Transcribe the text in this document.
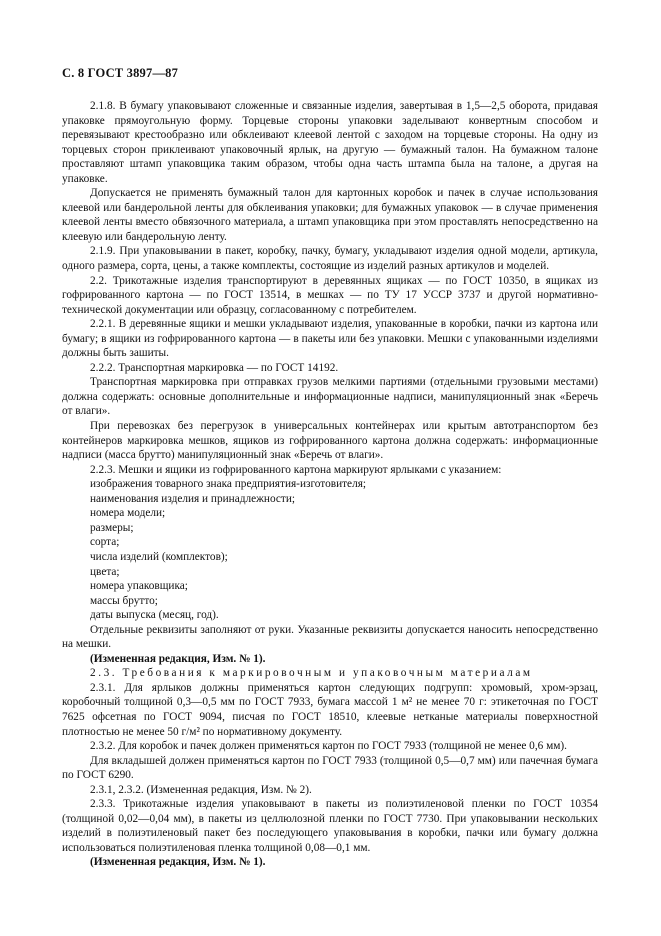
С. 8 ГОСТ 3897—87

2.1.8. В бумагу упаковывают сложенные и связанные изделия, завертывая в 1,5—2,5 оборота, придавая упаковке прямоугольную форму. Торцевые стороны упаковки заделывают конвертным способом и перевязывают крестообразно или обклеивают клеевой лентой с заходом на торцевые стороны. На одну из торцевых сторон приклеивают упаковочный ярлык, на другую — бумажный талон. На бумажном талоне проставляют штамп упаковщика таким образом, чтобы одна часть штампа была на талоне, а другая на упаковке.

Допускается не применять бумажный талон для картонных коробок и пачек в случае использования клеевой или бандерольной ленты для обклеивания упаковки; для бумажных упаковок — в случае применения клеевой ленты вместо обвязочного материала, а штамп упаковщика при этом проставлять непосредственно на клеевую или бандерольную ленту.

2.1.9. При упаковывании в пакет, коробку, пачку, бумагу, укладывают изделия одной модели, артикула, одного размера, сорта, цены, а также комплекты, состоящие из изделий разных артикулов и моделей.

2.2. Трикотажные изделия транспортируют в деревянных ящиках — по ГОСТ 10350, в ящиках из гофрированного картона — по ГОСТ 13514, в мешках — по ТУ 17 УССР 3737 и другой нормативно-технической документации или образцу, согласованному с потребителем.

2.2.1. В деревянные ящики и мешки укладывают изделия, упакованные в коробки, пачки из картона или бумагу; в ящики из гофрированного картона — в пакеты или без упаковки. Мешки с упакованными изделиями должны быть зашиты.

2.2.2. Транспортная маркировка — по ГОСТ 14192.

Транспортная маркировка при отправках грузов мелкими партиями (отдельными грузовыми местами) должна содержать: основные дополнительные и информационные надписи, манипуляционный знак «Беречь от влаги».

При перевозках без перегрузок в универсальных контейнерах или крытым автотранспортом без контейнеров маркировка мешков, ящиков из гофрированного картона должна содержать: информационные надписи (масса брутто) манипуляционный знак «Беречь от влаги».

2.2.3. Мешки и ящики из гофрированного картона маркируют ярлыками с указанием:

изображения товарного знака предприятия-изготовителя;

наименования изделия и принадлежности;

номера модели;

размеры;

сорта;

числа изделий (комплектов);

цвета;

номера упаковщика;

массы брутто;

даты выпуска (месяц, год).

Отдельные реквизиты заполняют от руки. Указанные реквизиты допускается наносить непосредственно на мешки.

(Измененная редакция, Изм. № 1).

2.3. Требования к маркировочным и упаковочным материалам

2.3.1. Для ярлыков должны применяться картон следующих подгрупп: хромовый, хром-эрзац, коробочный толщиной 0,3—0,5 мм по ГОСТ 7933, бумага массой 1 м² не менее 70 г: этикеточная по ГОСТ 7625 офсетная по ГОСТ 9094, писчая по ГОСТ 18510, клеевые нетканые материалы поверхностной плотностью не менее 50 г/м² по нормативному документу.

2.3.2. Для коробок и пачек должен применяться картон по ГОСТ 7933 (толщиной не менее 0,6 мм).

Для вкладышей должен применяться картон по ГОСТ 7933 (толщиной 0,5—0,7 мм) или пачечная бумага по ГОСТ 6290.

2.3.1, 2.3.2. (Измененная редакция, Изм. № 2).

2.3.3. Трикотажные изделия упаковывают в пакеты из полиэтиленовой пленки по ГОСТ 10354 (толщиной 0,02—0,04 мм), в пакеты из целлюлозной пленки по ГОСТ 7730. При упаковывании нескольких изделий в полиэтиленовый пакет без последующего упаковывания в коробки, пачки или бумагу должна использоваться полиэтиленовая пленка толщиной 0,08—0,1 мм.

(Измененная редакция, Изм. № 1).
